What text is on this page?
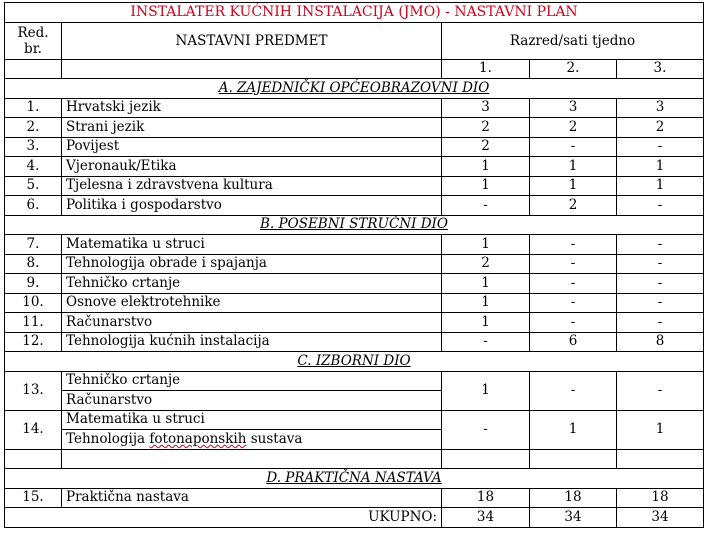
INSTALATER KUĆNIH INSTALACIJA (JMO) - NASTAVNI PLAN				
Red. br.	NASTAVNI PREDMET	Razred/sati tjedno		
		1.	2.	3.
A. ZAJEDNIČKI OPĆEOBRAZOVNI DIO				
1.	Hrvatski jezik	3	3	3
2.	Strani jezik	2	2	2
3.	Povijest	2	-	-
4.	Vjeronauk/Etika	1	1	1
5.	Tjelesna i zdravstvena kultura	1	1	1
6.	Politika i gospodarstvo	-	2	-
B. POSEBNI STRUČNI DIO				
7.	Matematika u struci	1	-	-
8.	Tehnologija obrade i spajanja	2	-	-
9.	Tehničko crtanje	1	-	-
10.	Osnove elektrotehnike	1	-	-
11.	Računarstvo	1	-	-
12.	Tehnologija kućnih instalacija	-	6	8
C. IZBORNI DIO				
13.	Tehničko crtanje	1	-	-
	Računarstvo			
14.	Matematika u struci	-	1	1
	Tehnologija fotonaponskih sustava			

D. PRAKTIČNA NASTAVA				
15.	Praktična nastava	18	18	18
UKUPNO:		34	34	34
